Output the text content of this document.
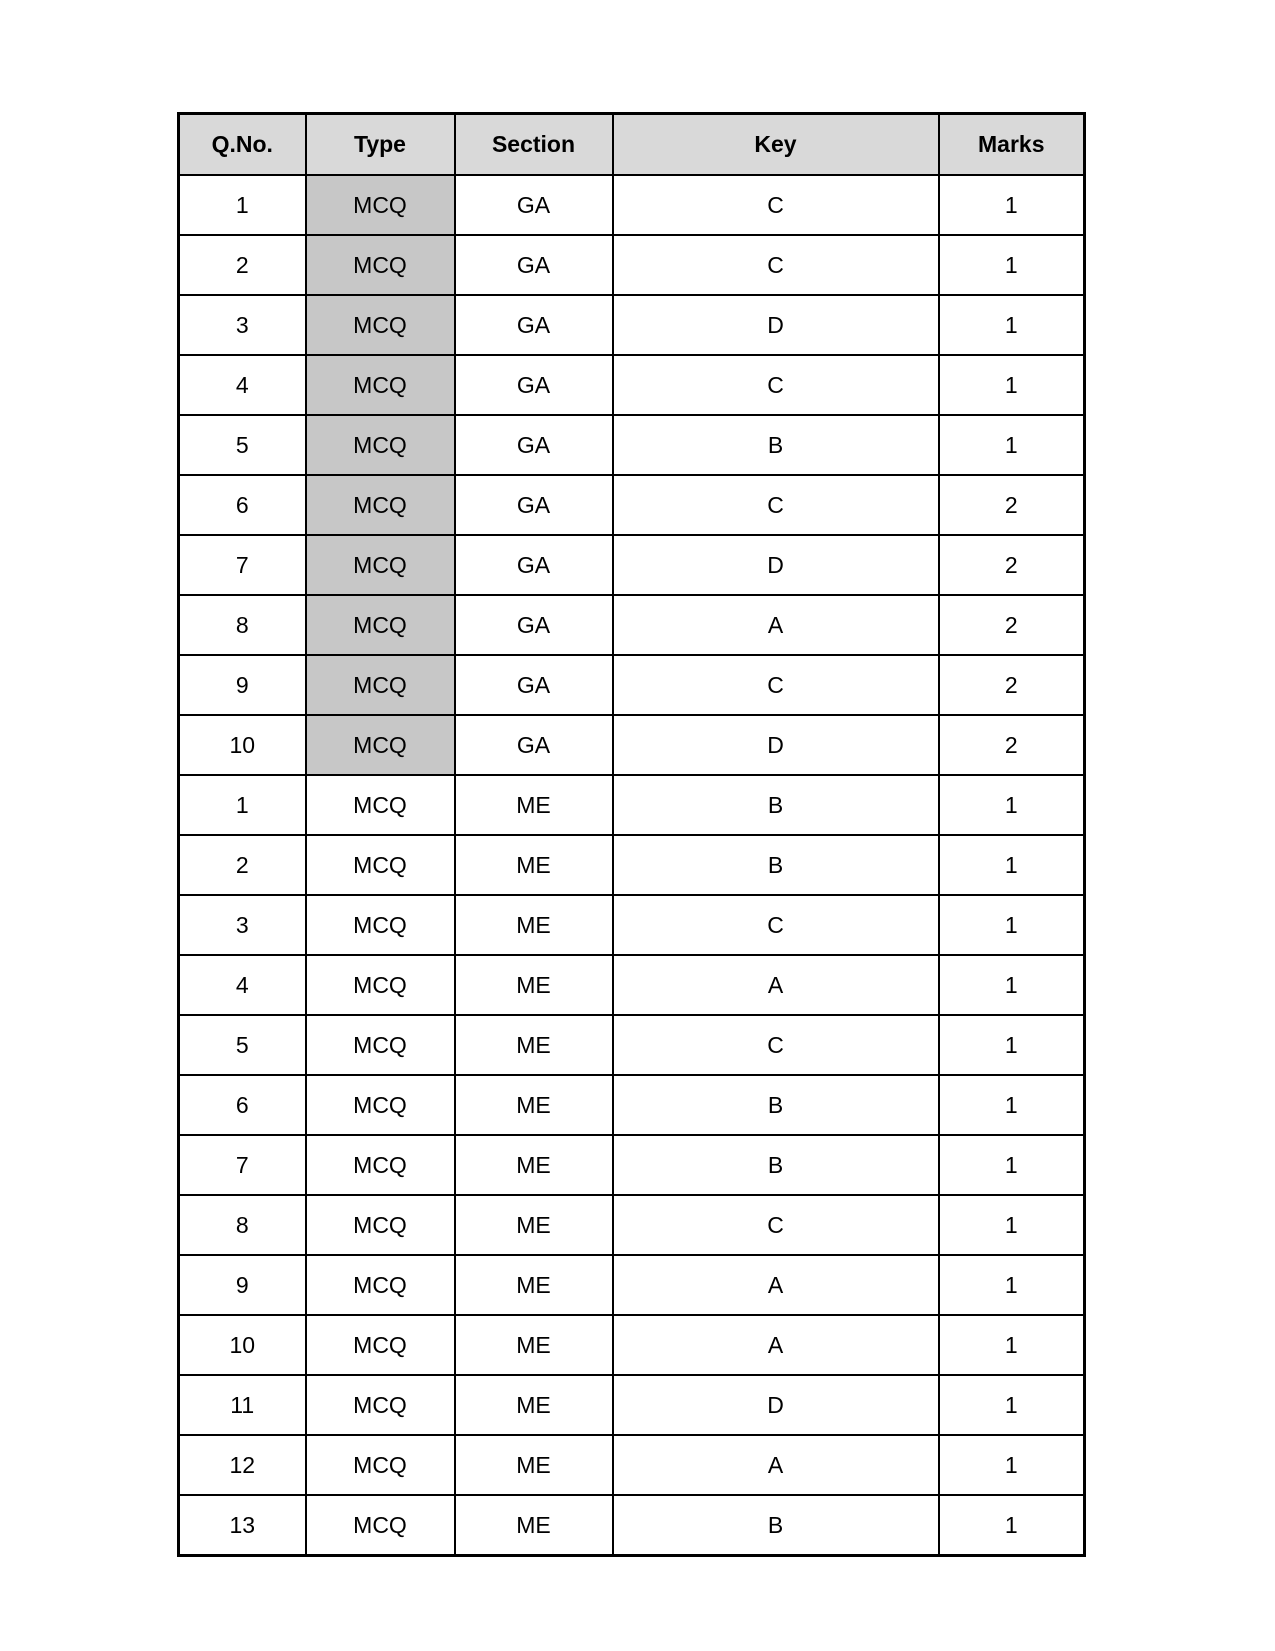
Q.No.	Type	Section	Key	Marks
1	MCQ	GA	C	1
2	MCQ	GA	C	1
3	MCQ	GA	D	1
4	MCQ	GA	C	1
5	MCQ	GA	B	1
6	MCQ	GA	C	2
7	MCQ	GA	D	2
8	MCQ	GA	A	2
9	MCQ	GA	C	2
10	MCQ	GA	D	2
1	MCQ	ME	B	1
2	MCQ	ME	B	1
3	MCQ	ME	C	1
4	MCQ	ME	A	1
5	MCQ	ME	C	1
6	MCQ	ME	B	1
7	MCQ	ME	B	1
8	MCQ	ME	C	1
9	MCQ	ME	A	1
10	MCQ	ME	A	1
11	MCQ	ME	D	1
12	MCQ	ME	A	1
13	MCQ	ME	B	1
